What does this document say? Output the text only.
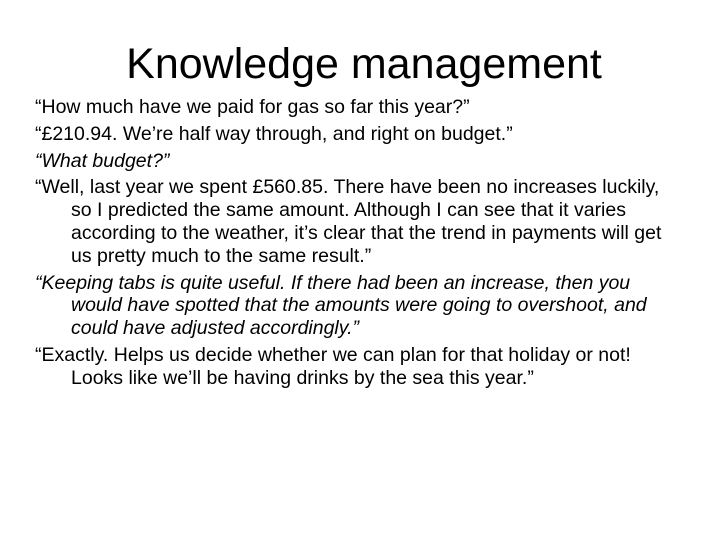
Knowledge management

“How much have we paid for gas so far this year?”

“£210.94. We’re half way through, and right on budget.”

“What budget?”

“Well, last year we spent £560.85. There have been no increases luckily, so I predicted the same amount. Although I can see that it varies according to the weather, it’s clear that the trend in payments will get us pretty much to the same result.”

“Keeping tabs is quite useful. If there had been an increase, then you would have spotted that the amounts were going to overshoot, and could have adjusted accordingly.”

“Exactly. Helps us decide whether we can plan for that holiday or not! Looks like we’ll be having drinks by the sea this year.”
